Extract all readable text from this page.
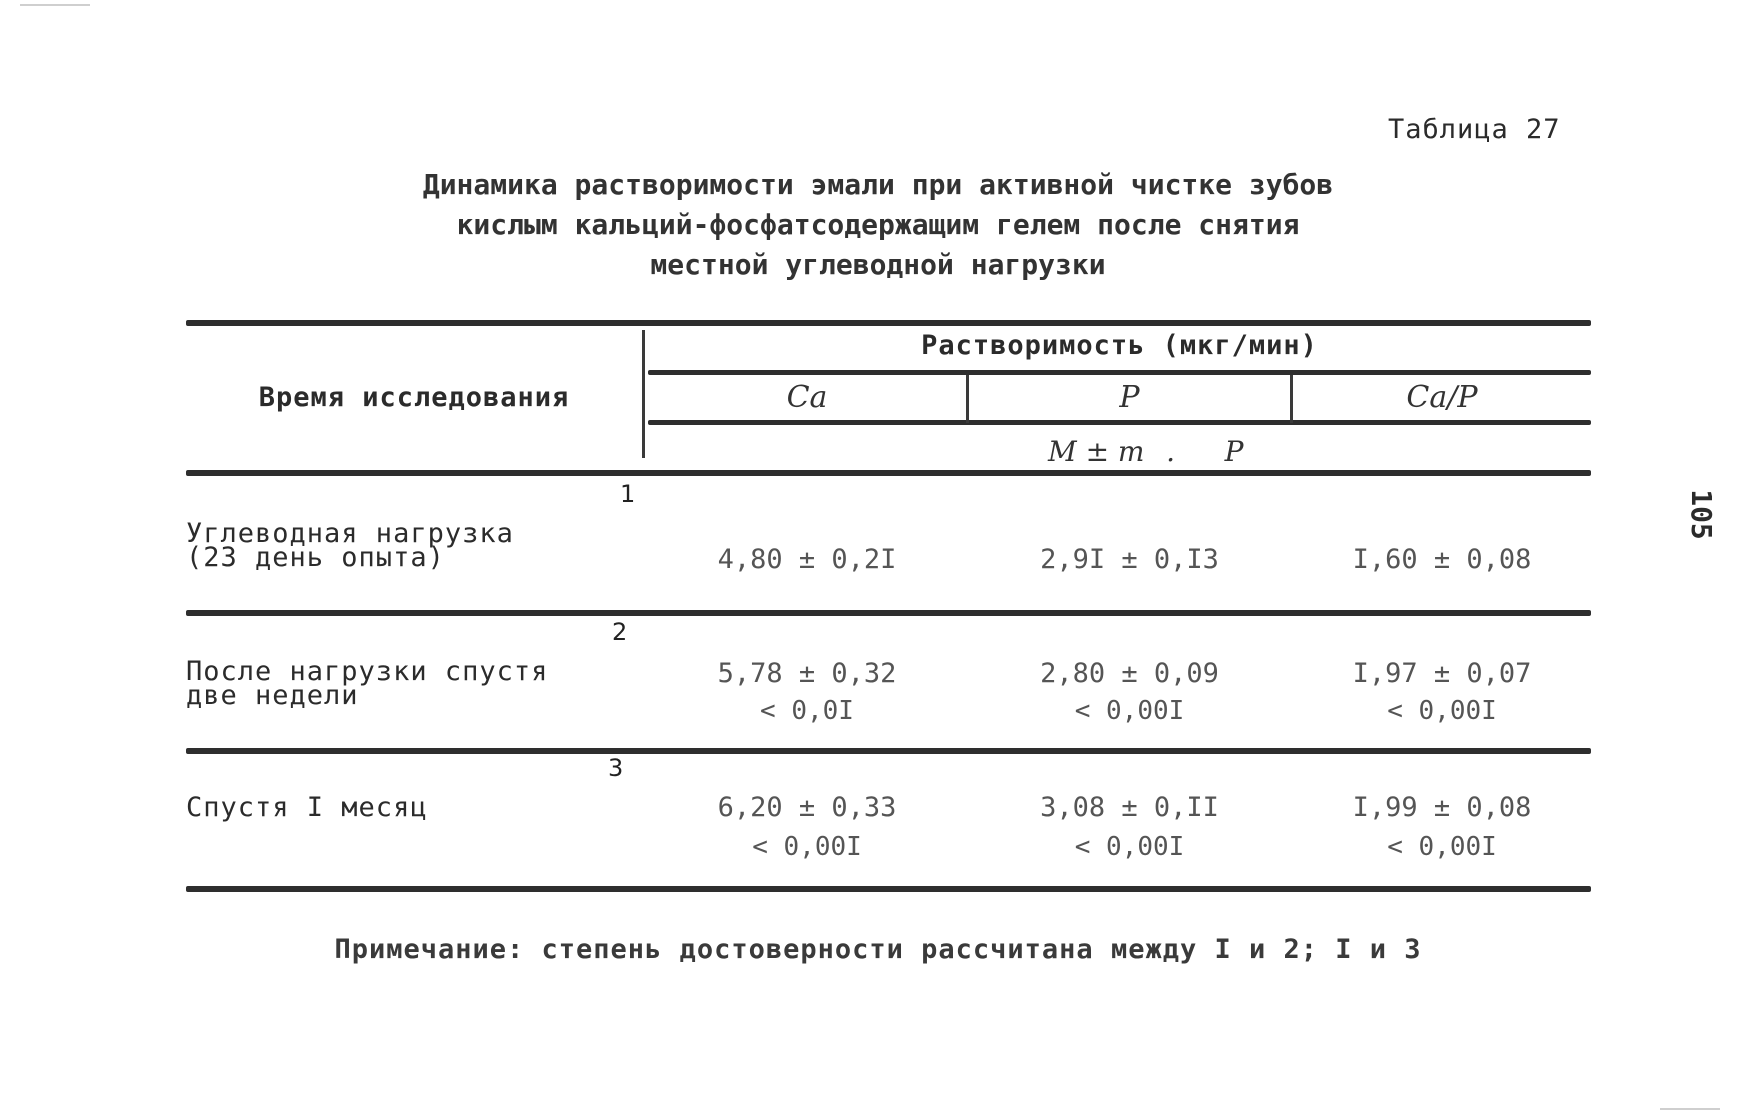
Таблица 27
Динамика растворимости эмали при активной чистке зубов
кислым кальций-фосфатсодержащим гелем после снятия
местной углеводной нагрузки
Время исследования
Растворимость (мкг/мин)
Ca	P	Ca/P
М ± m . P
1
Углеводная нагрузка
(23 день опыта)	4,80 ± 0,2I	2,9I ± 0,I3	I,60 ± 0,08
2
После нагрузки спустя
две недели
5,78 ± 0,32	2,80 ± 0,09	I,97 ± 0,07
< 0,0I	< 0,00I	< 0,00I
3
Спустя I месяц	6,20 ± 0,33	3,08 ± 0,II	I,99 ± 0,08
< 0,00I	< 0,00I	< 0,00I
Примечание: степень достоверности рассчитана между I и 2; I и 3
105
